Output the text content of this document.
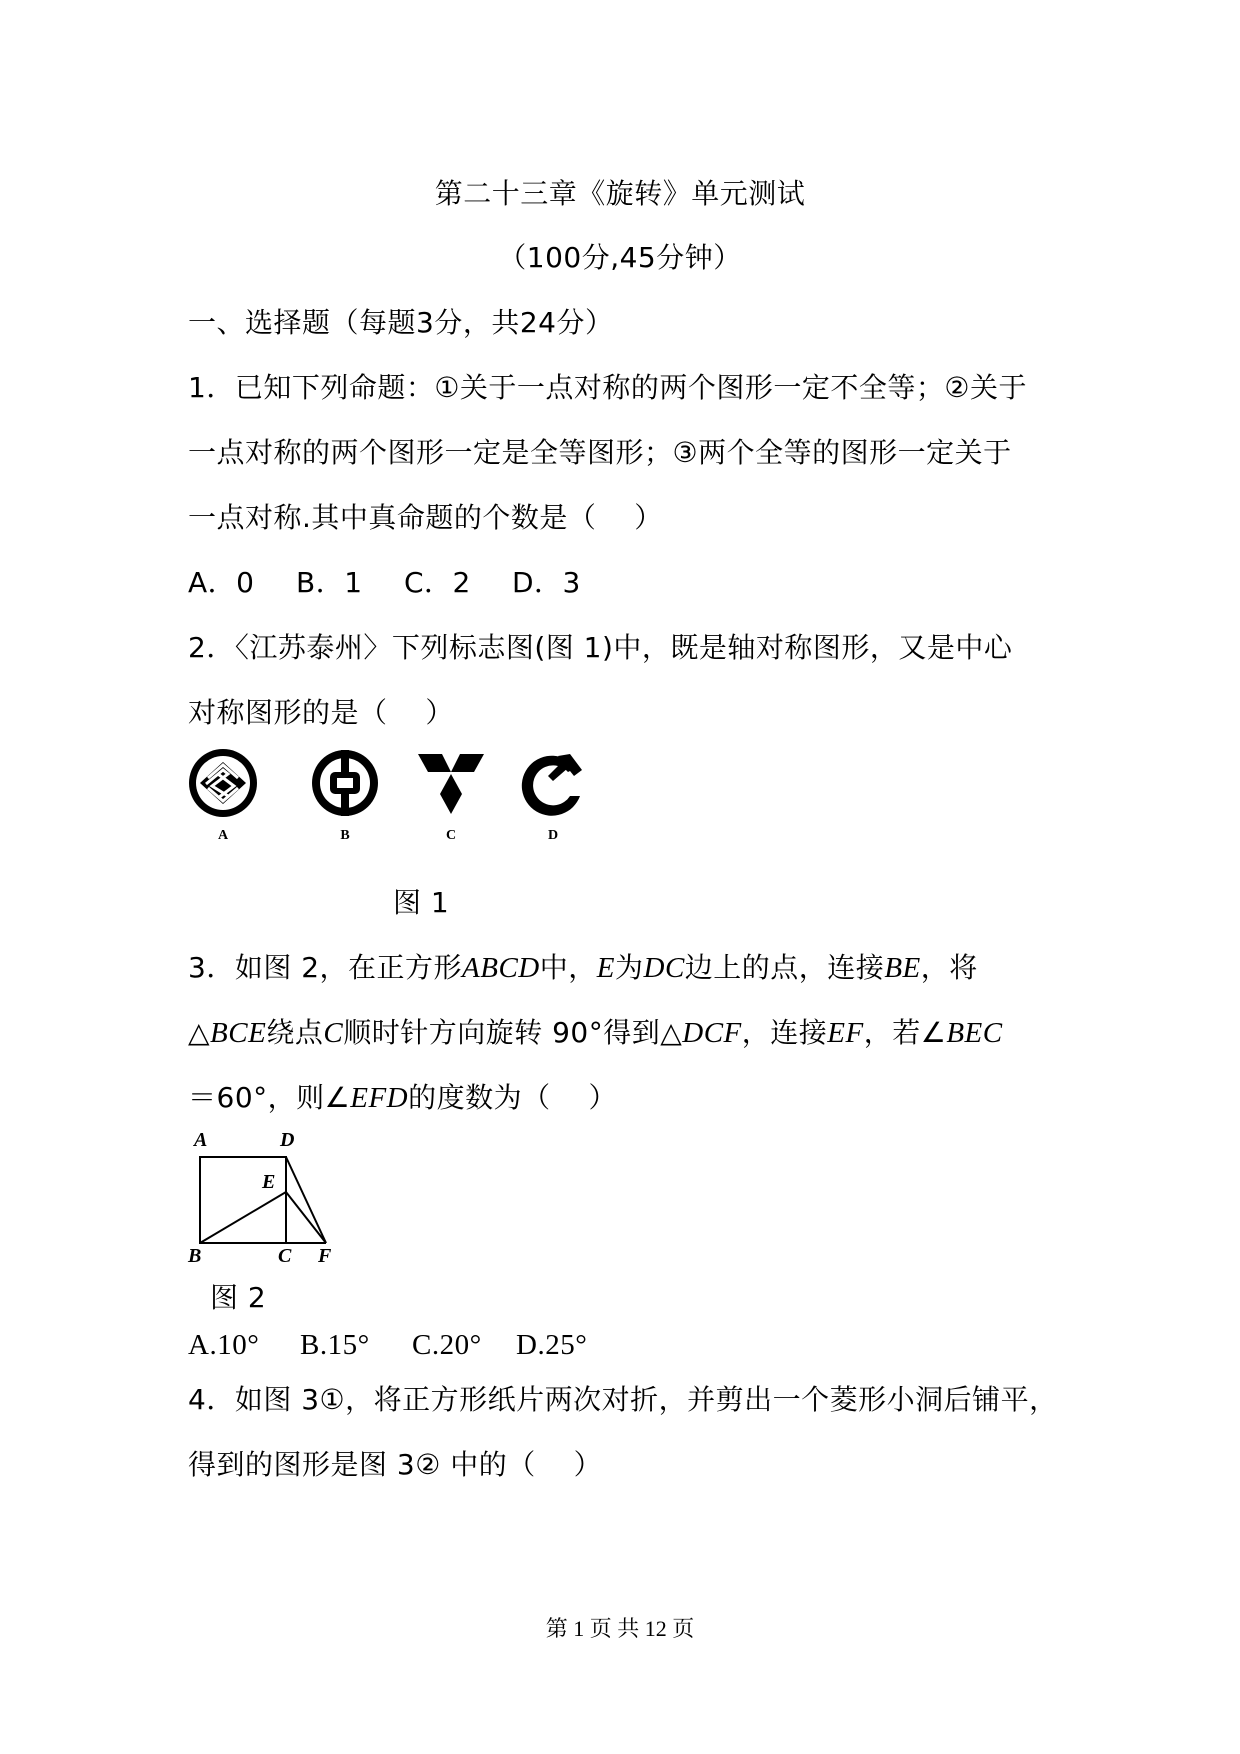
第二十三章《旋转》单元测试
（100分,45分钟）
一、选择题（每题3分，共24分）
1．已知下列命题：①关于一点对称的两个图形一定不全等；②关于
一点对称的两个图形一定是全等图形；③两个全等的图形一定关于
一点对称.其中真命题的个数是（　 ）
A．0 B．1 C．2 D．3
2．〈江苏泰州〉下列标志图(图 1)中，既是轴对称图形，又是中心
对称图形的是（　 ）
A	B	C	D
图 1
3．如图 2，在正方形ABCD中，E为DC边上的点，连接BE，将
△BCE绕点C顺时针方向旋转 90°得到△DCF，连接EF，若∠BEC
＝60°，则∠EFD的度数为（　 ）
A	D
E
B	C F
图 2
A.10° B.15° C.20° D.25°
4．如图 3①，将正方形纸片两次对折，并剪出一个菱形小洞后铺平，
得到的图形是图 3② 中的（　 ）
第 1 页 共 12 页
